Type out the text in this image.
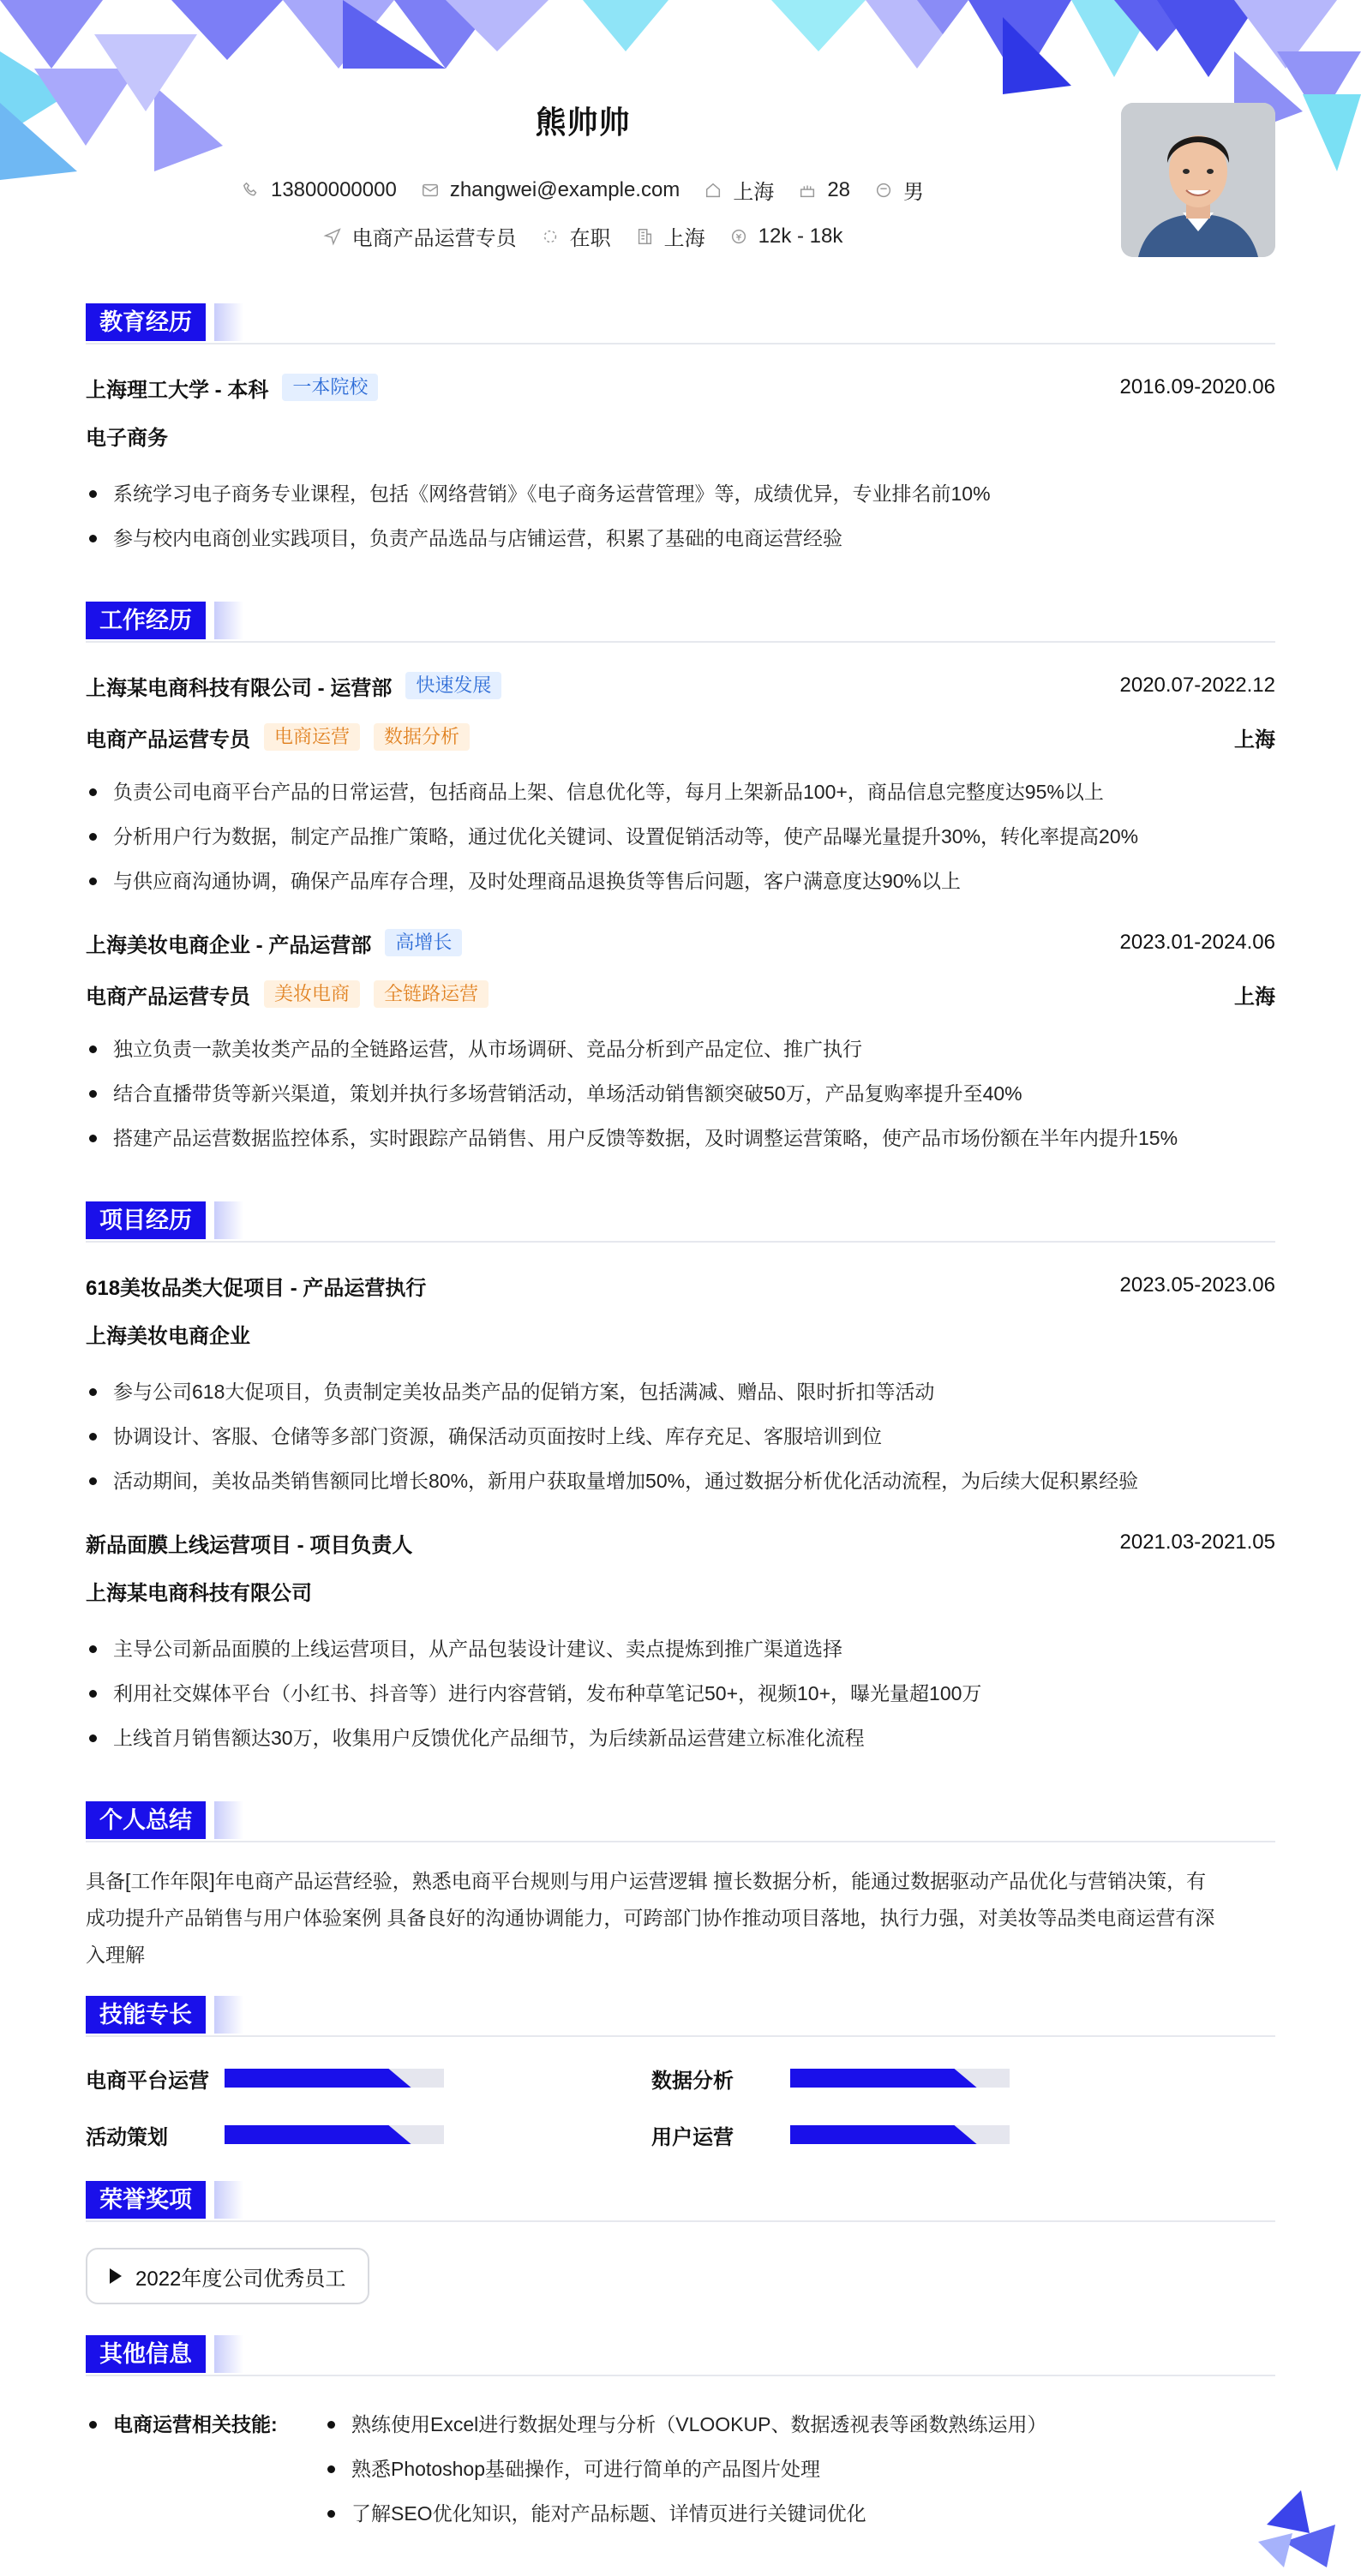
熊帅帅
13800000000	zhangwei@example.com	上海	28	男
电商产品运营专员	在职	上海	12k - 18k
教育经历
上海理工大学 - 本科	一本院校	2016.09-2020.06
电子商务
系统学习电子商务专业课程，包括《网络营销》《电子商务运营管理》等，成绩优异，专业排名前10%
参与校内电商创业实践项目，负责产品选品与店铺运营，积累了基础的电商运营经验
工作经历
上海某电商科技有限公司 - 运营部	快速发展	2020.07-2022.12
电商产品运营专员	电商运营	数据分析	上海
负责公司电商平台产品的日常运营，包括商品上架、信息优化等，每月上架新品100+，商品信息完整度达95%以上
分析用户行为数据，制定产品推广策略，通过优化关键词、设置促销活动等，使产品曝光量提升30%，转化率提高20%
与供应商沟通协调，确保产品库存合理，及时处理商品退换货等售后问题，客户满意度达90%以上
上海美妆电商企业 - 产品运营部	高增长	2023.01-2024.06
电商产品运营专员	美妆电商	全链路运营	上海
独立负责一款美妆类产品的全链路运营，从市场调研、竞品分析到产品定位、推广执行
结合直播带货等新兴渠道，策划并执行多场营销活动，单场活动销售额突破50万，产品复购率提升至40%
搭建产品运营数据监控体系，实时跟踪产品销售、用户反馈等数据，及时调整运营策略，使产品市场份额在半年内提升15%
项目经历
618美妆品类大促项目 - 产品运营执行	2023.05-2023.06
上海美妆电商企业
参与公司618大促项目，负责制定美妆品类产品的促销方案，包括满减、赠品、限时折扣等活动
协调设计、客服、仓储等多部门资源，确保活动页面按时上线、库存充足、客服培训到位
活动期间，美妆品类销售额同比增长80%，新用户获取量增加50%，通过数据分析优化活动流程，为后续大促积累经验
新品面膜上线运营项目 - 项目负责人	2021.03-2021.05
上海某电商科技有限公司
主导公司新品面膜的上线运营项目，从产品包装设计建议、卖点提炼到推广渠道选择
利用社交媒体平台（小红书、抖音等）进行内容营销，发布种草笔记50+，视频10+，曝光量超100万
上线首月销售额达30万，收集用户反馈优化产品细节，为后续新品运营建立标准化流程
个人总结
具备[工作年限]年电商产品运营经验，熟悉电商平台规则与用户运营逻辑 擅长数据分析，能通过数据驱动产品优化与营销决策，有
成功提升产品销售与用户体验案例 具备良好的沟通协调能力，可跨部门协作推动项目落地，执行力强，对美妆等品类电商运营有深
入理解
技能专长
电商平台运营	数据分析
活动策划	用户运营
荣誉奖项
2022年度公司优秀员工
其他信息
电商运营相关技能:	熟练使用Excel进行数据处理与分析（VLOOKUP、数据透视表等函数熟练运用）
熟悉Photoshop基础操作，可进行简单的产品图片处理
了解SEO优化知识，能对产品标题、详情页进行关键词优化
